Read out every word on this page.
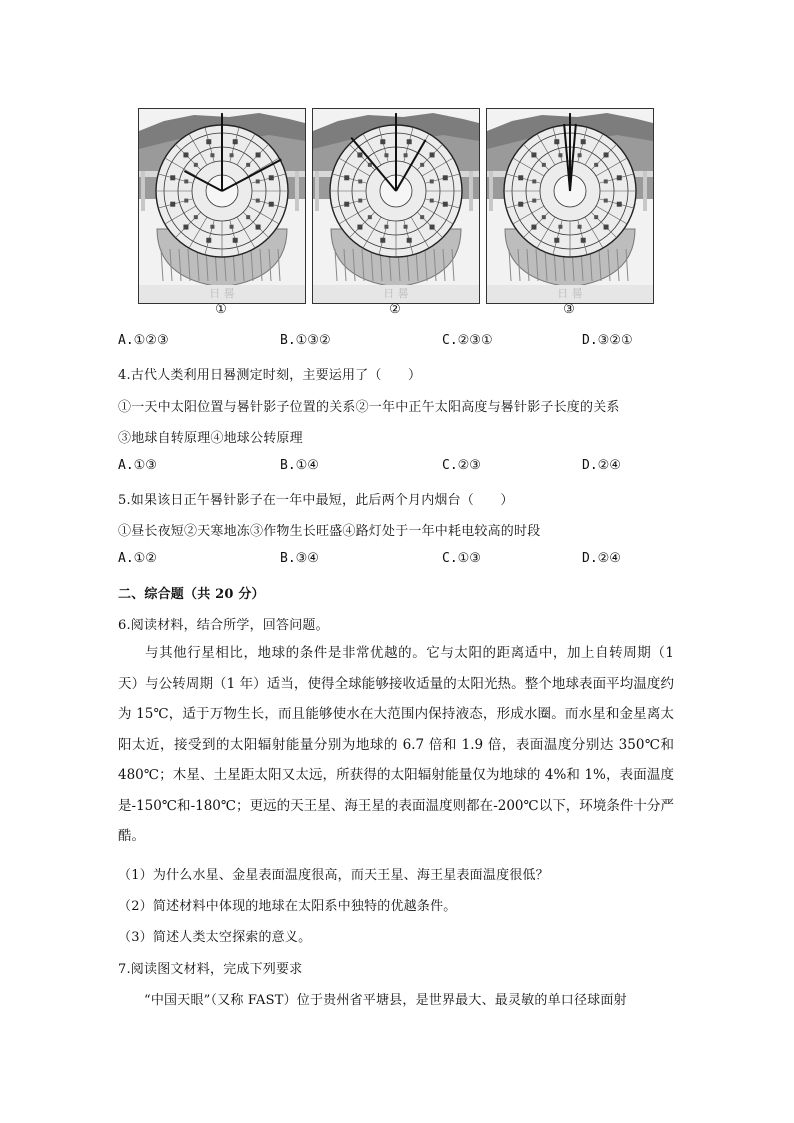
日 晷	日 晷	日 晷
①	②	③
A.①②③	B.①③②	C.②③①	D.③②①
4.古代人类利用日晷测定时刻，主要运用了（　　）
①一天中太阳位置与晷针影子位置的关系②一年中正午太阳高度与晷针影子长度的关系
③地球自转原理④地球公转原理
A.①③	B.①④	C.②③	D.②④
5.如果该日正午晷针影子在一年中最短，此后两个月内烟台（　　）
①昼长夜短②天寒地冻③作物生长旺盛④路灯处于一年中耗电较高的时段
A.①②	B.③④	C.①③	D.②④
二、综合题（共 20 分）
6.阅读材料，结合所学，回答问题。
与其他行星相比，地球的条件是非常优越的。它与太阳的距离适中，加上自转周期（1 天）与公转周期（1 年）适当，使得全球能够接收适量的太阳光热。整个地球表面平均温度约为 15℃，适于万物生长，而且能够使水在大范围内保持液态，形成水圈。而水星和金星离太阳太近，接受到的太阳辐射能量分别为地球的 6.7 倍和 1.9 倍，表面温度分别达 350℃和 480℃；木星、土星距太阳又太远，所获得的太阳辐射能量仅为地球的 4%和 1%，表面温度是-150℃和-180℃；更远的天王星、海王星的表面温度则都在-200℃以下，环境条件十分严酷。
（1）为什么水星、金星表面温度很高，而天王星、海王星表面温度很低？
（2）简述材料中体现的地球在太阳系中独特的优越条件。
（3）简述人类太空探索的意义。
7.阅读图文材料，完成下列要求
“中国天眼”（又称 FAST）位于贵州省平塘县，是世界最大、最灵敏的单口径球面射
